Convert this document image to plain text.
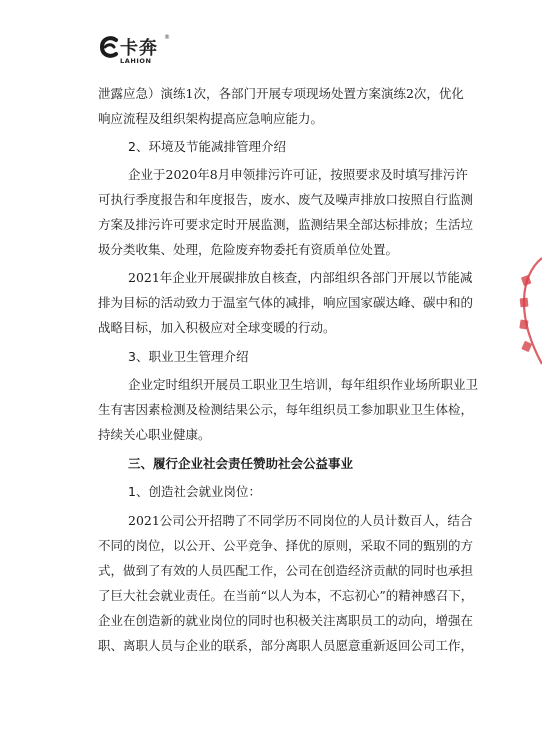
卡奔
®
LAHION
泄露应急）演练1次，各部门开展专项现场处置方案演练2次，优化
响应流程及组织架构提高应急响应能力。
2、环境及节能减排管理介绍
企业于2020年8月申领排污许可证，按照要求及时填写排污许
可执行季度报告和年度报告，废水、废气及噪声排放口按照自行监测
方案及排污许可要求定时开展监测，监测结果全部达标排放；生活垃
圾分类收集、处理，危险废弃物委托有资质单位处置。
2021年企业开展碳排放自核查，内部组织各部门开展以节能减
排为目标的活动致力于温室气体的减排，响应国家碳达峰、碳中和的
战略目标，加入积极应对全球变暖的行动。
3、职业卫生管理介绍
企业定时组织开展员工职业卫生培训，每年组织作业场所职业卫
生有害因素检测及检测结果公示，每年组织员工参加职业卫生体检，
持续关心职业健康。
三、履行企业社会责任赞助社会公益事业
1、创造社会就业岗位：
2021公司公开招聘了不同学历不同岗位的人员计数百人，结合
不同的岗位，以公开、公平竞争、择优的原则，采取不同的甄别的方
式，做到了有效的人员匹配工作，公司在创造经济贡献的同时也承担
了巨大社会就业责任。在当前“以人为本，不忘初心”的精神感召下，
企业在创造新的就业岗位的同时也积极关注离职员工的动向，增强在
职、离职人员与企业的联系，部分离职人员愿意重新返回公司工作，
